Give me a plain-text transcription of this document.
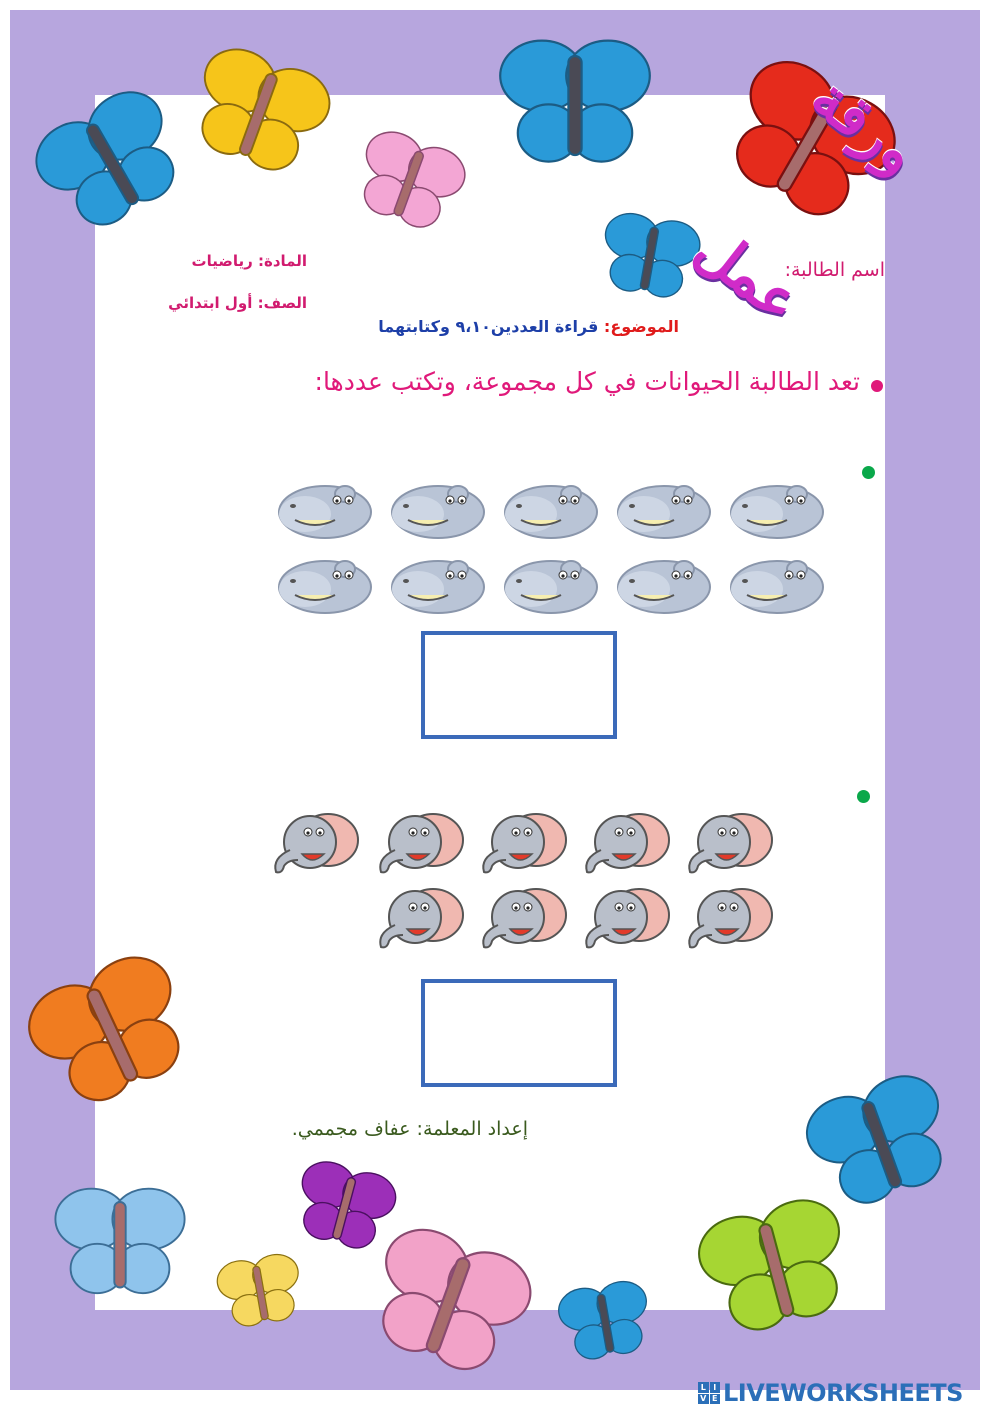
ورقة عمل
اسم الطالبة:
المادة: رياضيات
الصف: أول ابتدائي
الموضوع: قراءة العددين٩،١٠ وكتابتهما
تعد الطالبة الحيوانات في كل مجموعة، وتكتب عددها:
إعداد المعلمة: عفاف مجممي.
L I
V E LIVEWORKSHEETS
